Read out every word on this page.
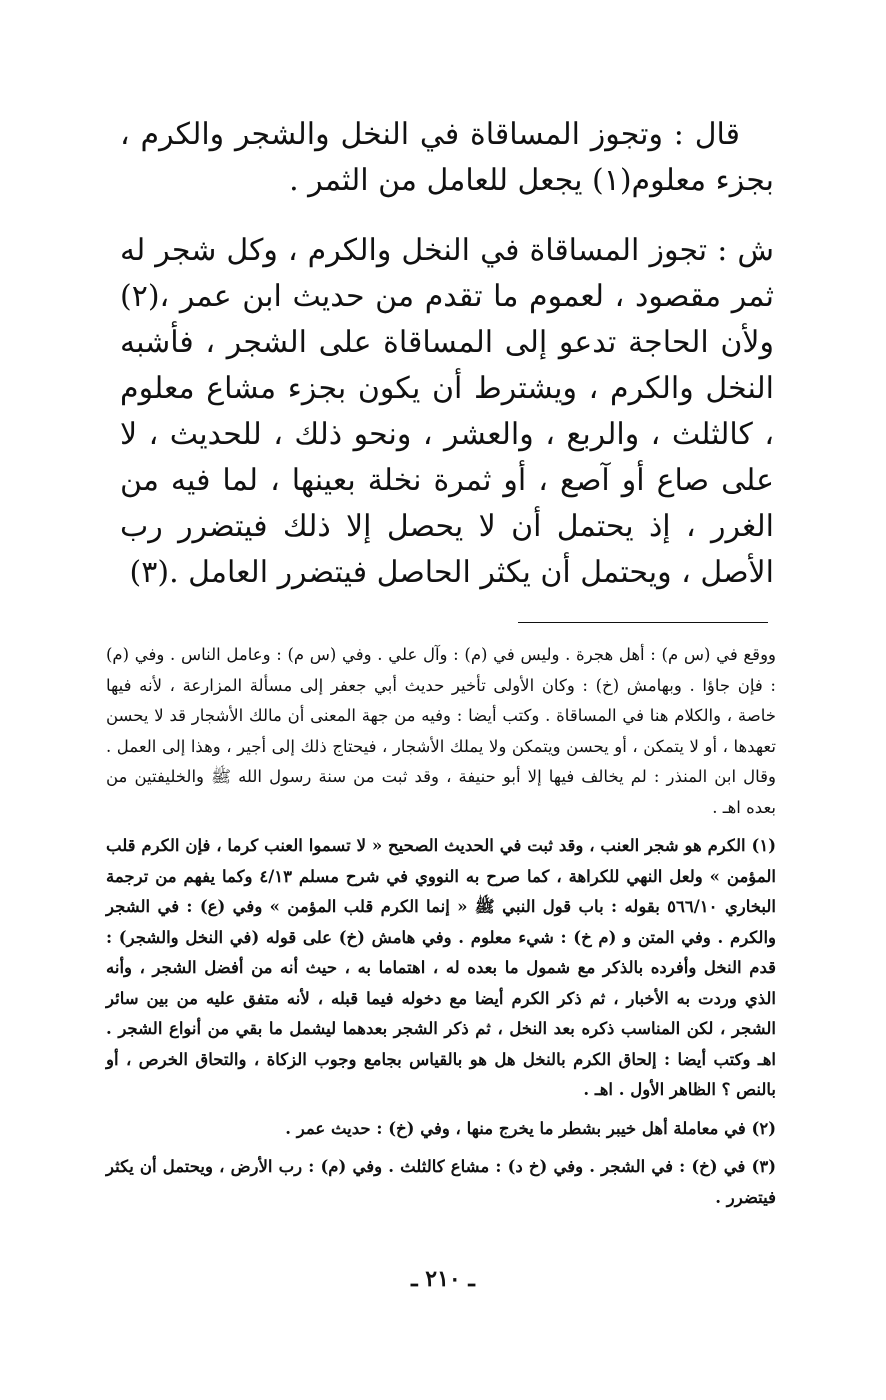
قال : وتجوز المساقاة في النخل والشجر والكرم ، بجزء معلوم(١) يجعل للعامل من الثمر .

ش : تجوز المساقاة في النخل والكرم ، وكل شجر له ثمر مقصود ، لعموم ما تقدم من حديث ابن عمر ،(٢) ولأن الحاجة تدعو إلى المساقاة على الشجر ، فأشبه النخل والكرم ، ويشترط أن يكون بجزء مشاع معلوم ، كالثلث ، والربع ، والعشر ، ونحو ذلك ، للحديث ، لا على صاع أو آصع ، أو ثمرة نخلة بعينها ، لما فيه من الغرر ، إذ يحتمل أن لا يحصل إلا ذلك فيتضرر رب الأصل ، ويحتمل أن يكثر الحاصل فيتضرر العامل .(٣)

ووقع في (س م) : أهل هجرة . وليس في (م) : وآل علي . وفي (س م) : وعامل الناس . وفي (م) : فإن جاؤا . وبهامش (خ) : وكان الأولى تأخير حديث أبي جعفر إلى مسألة المزارعة ، لأنه فيها خاصة ، والكلام هنا في المساقاة . وكتب أيضا : وفيه من جهة المعنى أن مالك الأشجار قد لا يحسن تعهدها ، أو لا يتمكن ، أو يحسن ويتمكن ولا يملك الأشجار ، فيحتاج ذلك إلى أجير ، وهذا إلى العمل . وقال ابن المنذر : لم يخالف فيها إلا أبو حنيفة ، وقد ثبت من سنة رسول الله ﷺ والخليفتين من بعده اهـ .

(١) الكرم هو شجر العنب ، وقد ثبت في الحديث الصحيح « لا تسموا العنب كرما ، فإن الكرم قلب المؤمن » ولعل النهي للكراهة ، كما صرح به النووي في شرح مسلم ٤/١٣ وكما يفهم من ترجمة البخاري ٥٦٦/١٠ بقوله : باب قول النبي ﷺ « إنما الكرم قلب المؤمن » وفي (ع) : في الشجر والكرم . وفي المتن و (م خ) : شيء معلوم . وفي هامش (خ) على قوله (في النخل والشجر) : قدم النخل وأفرده بالذكر مع شمول ما بعده له ، اهتماما به ، حيث أنه من أفضل الشجر ، وأنه الذي وردت به الأخبار ، ثم ذكر الكرم أيضا مع دخوله فيما قبله ، لأنه متفق عليه من بين سائر الشجر ، لكن المناسب ذكره بعد النخل ، ثم ذكر الشجر بعدهما ليشمل ما بقي من أنواع الشجر . اهـ وكتب أيضا : إلحاق الكرم بالنخل هل هو بالقياس بجامع وجوب الزكاة ، والتحاق الخرص ، أو بالنص ؟ الظاهر الأول . اهـ .

(٢) في معاملة أهل خيبر بشطر ما يخرج منها ، وفي (خ) : حديث عمر .

(٣) في (خ) : في الشجر . وفي (خ د) : مشاع كالثلث . وفي (م) : رب الأرض ، ويحتمل أن يكثر فيتضرر .

ـ ٢١٠ ـ
